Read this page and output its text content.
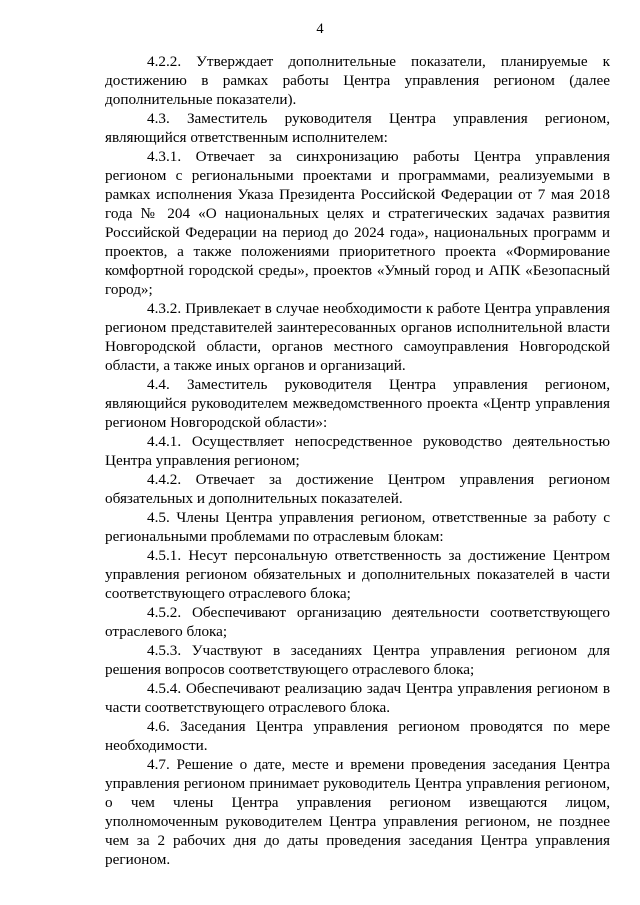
4

4.2.2. Утверждает дополнительные показатели, планируемые к достижению в рамках работы Центра управления регионом (далее дополнительные показатели).

4.3. Заместитель руководителя Центра управления регионом, являющийся ответственным исполнителем:

4.3.1. Отвечает за синхронизацию работы Центра управления регионом с региональными проектами и программами, реализуемыми в рамках исполнения Указа Президента Российской Федерации от 7 мая 2018 года № 204 «О национальных целях и стратегических задачах развития Российской Федерации на период до 2024 года», национальных программ и проектов, а также положениями приоритетного проекта «Формирование комфортной городской среды», проектов «Умный город и АПК «Безопасный город»;

4.3.2. Привлекает в случае необходимости к работе Центра управления регионом представителей заинтересованных органов исполнительной власти Новгородской области, органов местного самоуправления Новгородской области, а также иных органов и организаций.

4.4. Заместитель руководителя Центра управления регионом, являющийся руководителем межведомственного проекта «Центр управления регионом Новгородской области»:

4.4.1. Осуществляет непосредственное руководство деятельностью Центра управления регионом;

4.4.2. Отвечает за достижение Центром управления регионом обязательных и дополнительных показателей.

4.5. Члены Центра управления регионом, ответственные за работу с региональными проблемами по отраслевым блокам:

4.5.1. Несут персональную ответственность за достижение Центром управления регионом обязательных и дополнительных показателей в части соответствующего отраслевого блока;

4.5.2. Обеспечивают организацию деятельности соответствующего отраслевого блока;

4.5.3. Участвуют в заседаниях Центра управления регионом для решения вопросов соответствующего отраслевого блока;

4.5.4. Обеспечивают реализацию задач Центра управления регионом в части соответствующего отраслевого блока.

4.6. Заседания Центра управления регионом проводятся по мере необходимости.

4.7. Решение о дате, месте и времени проведения заседания Центра управления регионом принимает руководитель Центра управления регионом, о чем члены Центра управления регионом извещаются лицом, уполномоченным руководителем Центра управления регионом, не позднее чем за 2 рабочих дня до даты проведения заседания Центра управления регионом.
